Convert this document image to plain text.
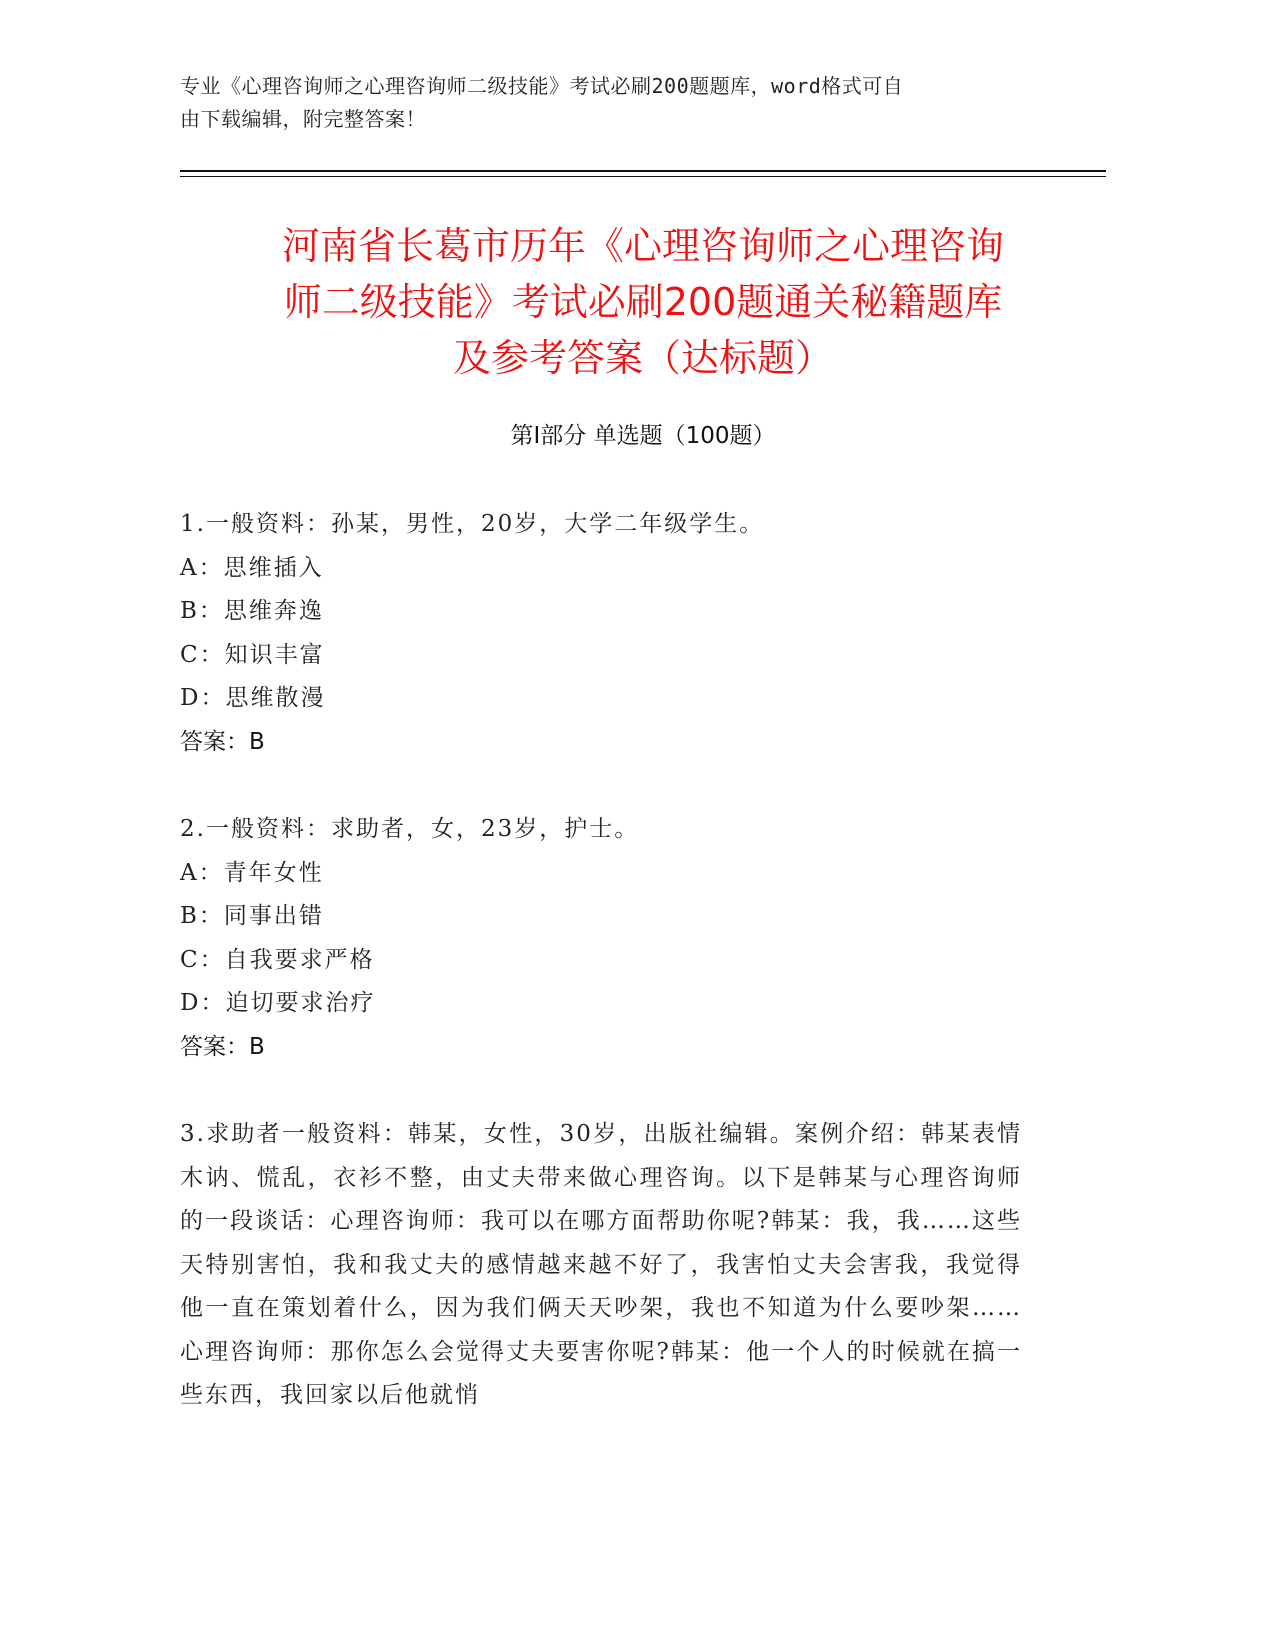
专业《心理咨询师之心理咨询师二级技能》考试必刷200题题库，word格式可自
由下载编辑，附完整答案！
河南省长葛市历年《心理咨询师之心理咨询
师二级技能》考试必刷200题通关秘籍题库
及参考答案（达标题）
第Ⅰ部分 单选题（100题）
1.一般资料：孙某，男性，20岁，大学二年级学生。
A：思维插入
B：思维奔逸
C：知识丰富
D：思维散漫
答案：B
2.一般资料：求助者，女，23岁，护士。
A：青年女性
B：同事出错
C：自我要求严格
D：迫切要求治疗
答案：B
3.求助者一般资料：韩某，女性，30岁，出版社编辑。案例介绍：韩某表情木讷、慌乱，衣衫不整，由丈夫带来做心理咨询。以下是韩某与心理咨询师的一段谈话：心理咨询师：我可以在哪方面帮助你呢?韩某：我，我……这些天特别害怕，我和我丈夫的感情越来越不好了，我害怕丈夫会害我，我觉得他一直在策划着什么，因为我们俩天天吵架，我也不知道为什么要吵架……心理咨询师：那你怎么会觉得丈夫要害你呢?韩某：他一个人的时候就在搞一些东西，我回家以后他就悄
